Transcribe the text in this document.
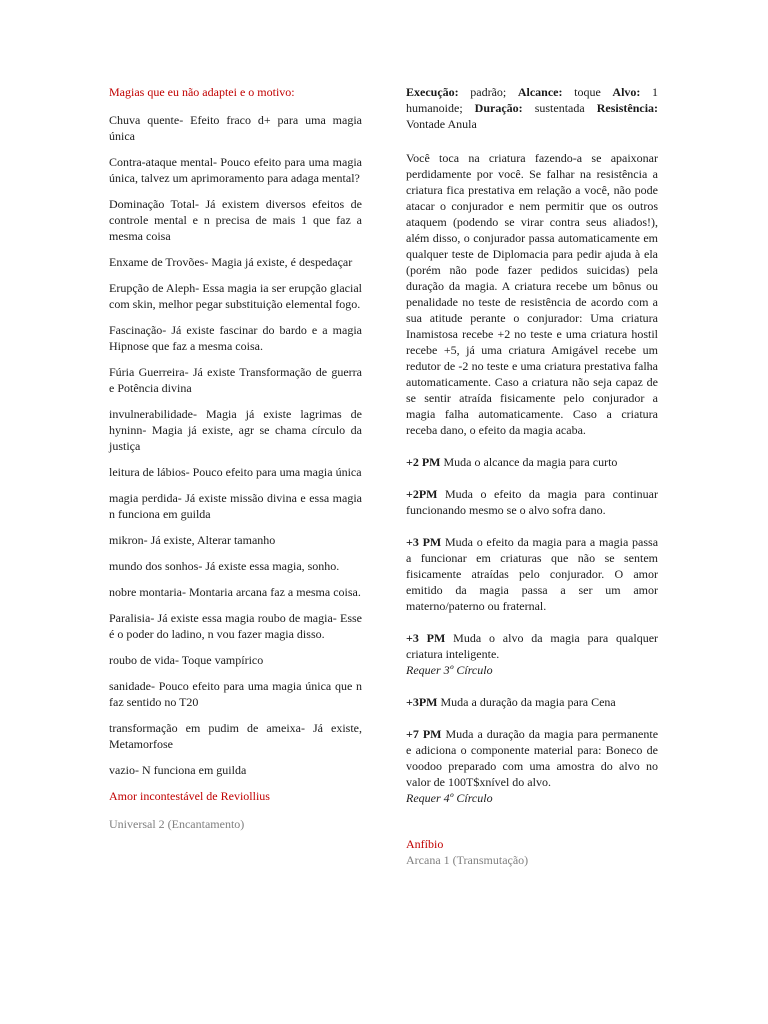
Magias que eu não adaptei e o motivo:

Chuva quente- Efeito fraco d+ para uma magia única

Contra-ataque mental- Pouco efeito para uma magia única, talvez um aprimoramento para adaga mental?

Dominação Total- Já existem diversos efeitos de controle mental e n precisa de mais 1 que faz a mesma coisa

Enxame de Trovões- Magia já existe, é despedaçar

Erupção de Aleph- Essa magia ia ser erupção glacial com skin, melhor pegar substituição elemental fogo.

Fascinação- Já existe fascinar do bardo e a magia Hipnose que faz a mesma coisa.

Fúria Guerreira- Já existe Transformação de guerra e Potência divina

invulnerabilidade- Magia já existe lagrimas de hyninn- Magia já existe, agr se chama círculo da justiça

leitura de lábios- Pouco efeito para uma magia única

magia perdida- Já existe missão divina e essa magia n funciona em guilda

mikron- Já existe, Alterar tamanho

mundo dos sonhos- Já existe essa magia, sonho.

nobre montaria- Montaria arcana faz a mesma coisa.

Paralisia- Já existe essa magia roubo de magia- Esse é o poder do ladino, n vou fazer magia disso.

roubo de vida- Toque vampírico

sanidade- Pouco efeito para uma magia única que n faz sentido no T20

transformação em pudim de ameixa- Já existe, Metamorfose

vazio- N funciona em guilda

Amor incontestável de Reviollius

Universal 2 (Encantamento)

Execução: padrão; Alcance: toque Alvo: 1 humanoide; Duração: sustentada Resistência: Vontade Anula

Você toca na criatura fazendo-a se apaixonar perdidamente por você. Se falhar na resistência a criatura fica prestativa em relação a você, não pode atacar o conjurador e nem permitir que os outros ataquem (podendo se virar contra seus aliados!), além disso, o conjurador passa automaticamente em qualquer teste de Diplomacia para pedir ajuda à ela (porém não pode fazer pedidos suicidas) pela duração da magia. A criatura recebe um bônus ou penalidade no teste de resistência de acordo com a sua atitude perante o conjurador: Uma criatura Inamistosa recebe +2 no teste e uma criatura hostil recebe +5, já uma criatura Amigável recebe um redutor de -2 no teste e uma criatura prestativa falha automaticamente. Caso a criatura não seja capaz de se sentir atraída fisicamente pelo conjurador a magia falha automaticamente. Caso a criatura receba dano, o efeito da magia acaba.

+2 PM Muda o alcance da magia para curto

+2PM Muda o efeito da magia para continuar funcionando mesmo se o alvo sofra dano.

+3 PM Muda o efeito da magia para a magia passa a funcionar em criaturas que não se sentem fisicamente atraídas pelo conjurador. O amor emitido da magia passa a ser um amor materno/paterno ou fraternal.

+3 PM Muda o alvo da magia para qualquer criatura inteligente.
Requer 3º Círculo

+3PM Muda a duração da magia para Cena

+7 PM Muda a duração da magia para permanente e adiciona o componente material para: Boneco de voodoo preparado com uma amostra do alvo no valor de 100T$xnível do alvo.
Requer 4º Círculo

Anfíbio

Arcana 1 (Transmutação)
